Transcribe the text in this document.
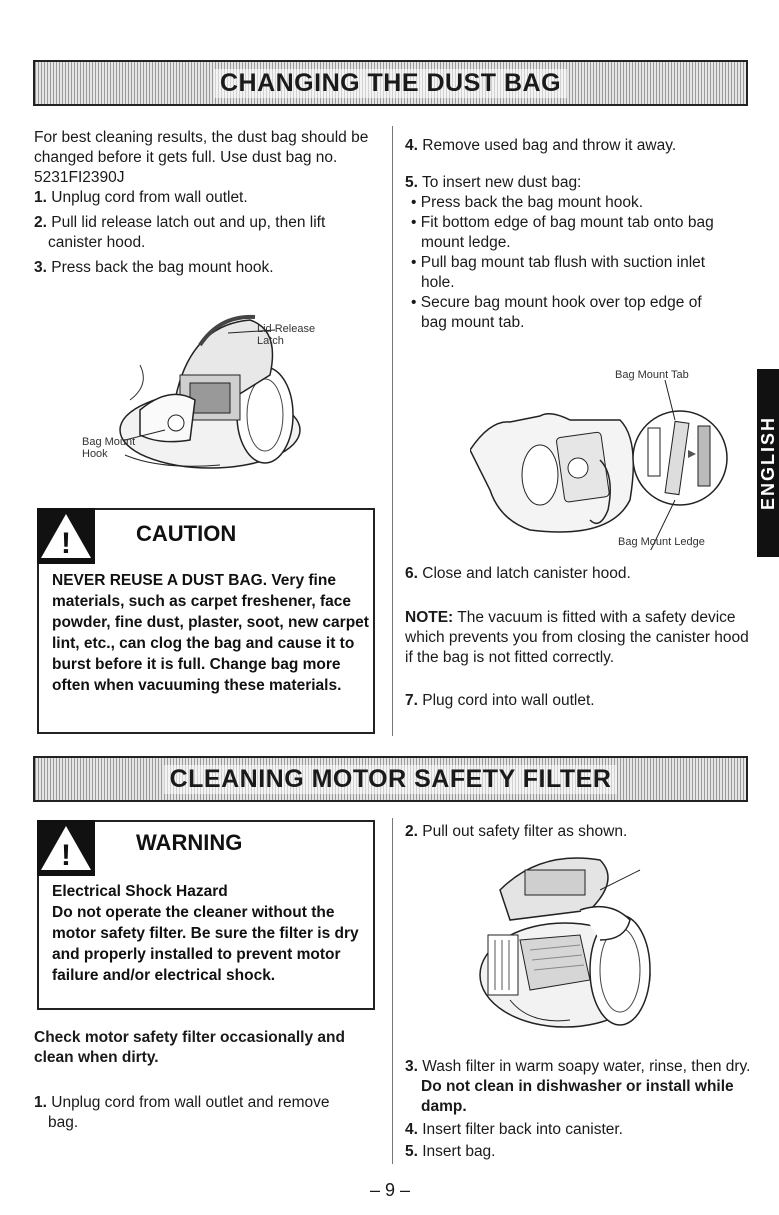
CHANGING THE DUST BAG

For best cleaning results, the dust bag should be changed before it gets full. Use dust bag no. 5231FI2390J

1. Unplug cord from wall outlet.

2. Pull lid release latch out and up, then lift canister hood.

3. Press back the bag mount hook.

Lid Release
Latch
Bag Mount
Hook
!	CAUTION
NEVER REUSE A DUST BAG. Very fine materials, such as carpet freshener, face powder, fine dust, plaster, soot, new carpet lint, etc., can clog the bag and cause it to burst before it is full. Change bag more often when vacuuming these materials.

4. Remove used bag and throw it away.

5. To insert new dust bag:

• Press back the bag mount hook.
• Fit bottom edge of bag mount tab onto bag mount ledge.
• Pull bag mount tab flush with suction inlet hole.
• Secure bag mount hook over top edge of bag mount tab.
Bag Mount Tab
Bag Mount Ledge
6. Close and latch canister hood.
NOTE: The vacuum is fitted with a safety device which prevents you from closing the canister hood if the bag is not fitted correctly.
7. Plug cord into wall outlet.
ENGLISH
CLEANING MOTOR SAFETY FILTER
!	WARNING
Electrical Shock Hazard
Do not operate the cleaner without the motor safety filter. Be sure the filter is dry and properly installed to prevent motor failure and/or electrical shock.
Check motor safety filter occasionally and clean when dirty.
1. Unplug cord from wall outlet and remove bag.
2. Pull out safety filter as shown.
3. Wash filter in warm soapy water, rinse, then dry. Do not clean in dishwasher or install while damp.
4. Insert filter back into canister.
5. Insert bag.
– 9 –
